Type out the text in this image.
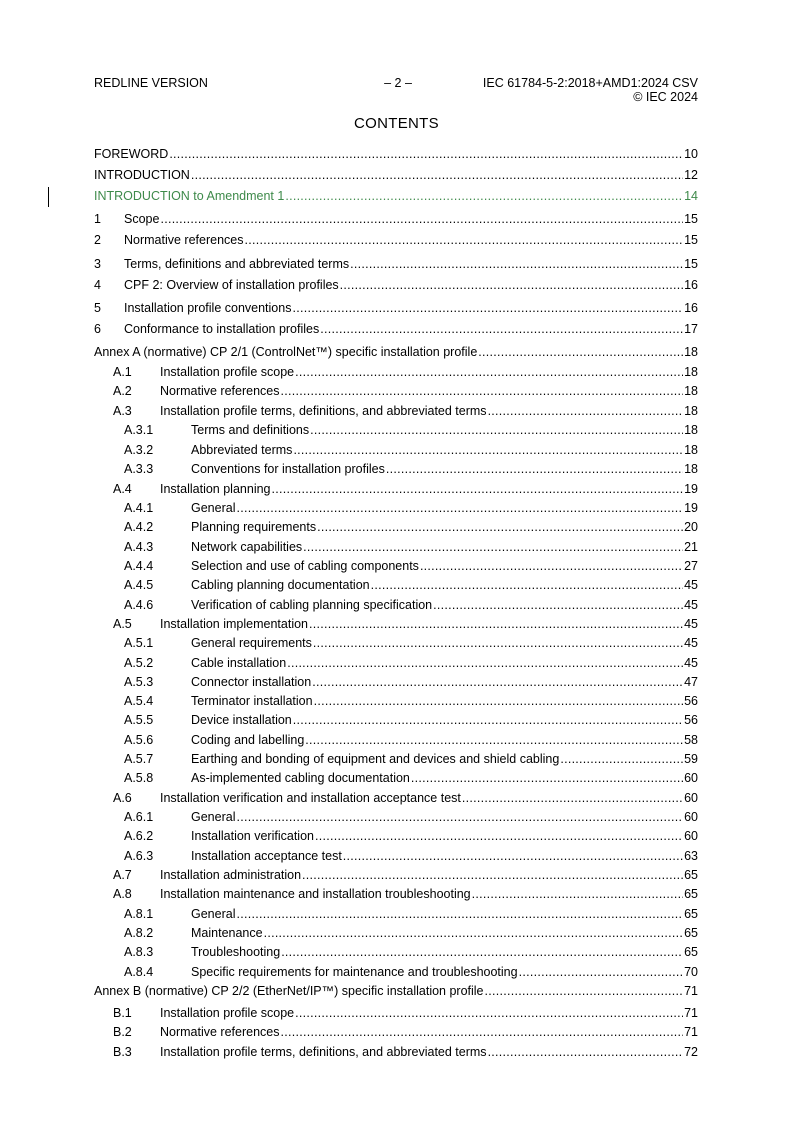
REDLINE VERSION	– 2 –	IEC 61784-5-2:2018+AMD1:2024 CSV
© IEC 2024
CONTENTS
FOREWORD . . .	10
INTRODUCTION . . .	12
INTRODUCTION to Amendment 1 . . .	14
1	Scope . . .	15
2	Normative references . . .	15
3	Terms, definitions and abbreviated terms . . .	15
4	CPF 2: Overview of installation profiles . . .	16
5	Installation profile conventions . . .	16
6	Conformance to installation profiles . . .	17
Annex A (normative) CP 2/1 (ControlNet™) specific installation profile . . .	18
A.1	Installation profile scope . . .	18
A.2	Normative references . . .	18
A.3	Installation profile terms, definitions, and abbreviated terms . . .	18
A.3.1	Terms and definitions . . .	18
A.3.2	Abbreviated terms . . .	18
A.3.3	Conventions for installation profiles . . .	18
A.4	Installation planning . . .	19
A.4.1	General . . .	19
A.4.2	Planning requirements . . .	20
A.4.3	Network capabilities . . .	21
A.4.4	Selection and use of cabling components . . .	27
A.4.5	Cabling planning documentation . . .	45
A.4.6	Verification of cabling planning specification . . .	45
A.5	Installation implementation . . .	45
A.5.1	General requirements . . .	45
A.5.2	Cable installation . . .	45
A.5.3	Connector installation . . .	47
A.5.4	Terminator installation . . .	56
A.5.5	Device installation . . .	56
A.5.6	Coding and labelling . . .	58
A.5.7	Earthing and bonding of equipment and devices and shield cabling . . .	59
A.5.8	As-implemented cabling documentation . . .	60
A.6	Installation verification and installation acceptance test . . .	60
A.6.1	General . . .	60
A.6.2	Installation verification . . .	60
A.6.3	Installation acceptance test . . .	63
A.7	Installation administration . . .	65
A.8	Installation maintenance and installation troubleshooting . . .	65
A.8.1	General . . .	65
A.8.2	Maintenance . . .	65
A.8.3	Troubleshooting . . .	65
A.8.4	Specific requirements for maintenance and troubleshooting . . .	70
Annex B (normative) CP 2/2 (EtherNet/IP™) specific installation profile . . .	71
B.1	Installation profile scope . . .	71
B.2	Normative references . . .	71
B.3	Installation profile terms, definitions, and abbreviated terms . . .	72
